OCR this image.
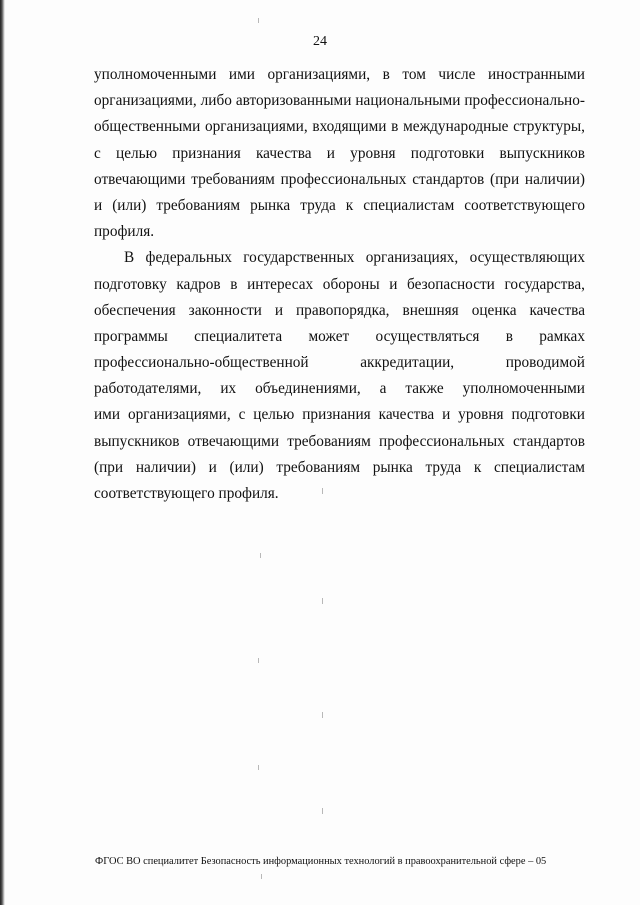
24
уполномоченными ими организациями, в том числе иностранными
организациями, либо авторизованными национальными профессионально-
общественными организациями, входящими в международные структуры,
с целью признания качества и уровня подготовки выпускников
отвечающими требованиям профессиональных стандартов (при наличии)
и (или) требованиям рынка труда к специалистам соответствующего
профиля.
В федеральных государственных организациях, осуществляющих
подготовку кадров в интересах обороны и безопасности государства,
обеспечения законности и правопорядка, внешняя оценка качества
программы специалитета может осуществляться в рамках
профессионально-общественной аккредитации, проводимой
работодателями, их объединениями, а также уполномоченными
ими организациями, с целью признания качества и уровня подготовки
выпускников отвечающими требованиям профессиональных стандартов
(при наличии) и (или) требованиям рынка труда к специалистам
соответствующего профиля.
ФГОС ВО специалитет Безопасность информационных технологий в правоохранительной сфере – 05
